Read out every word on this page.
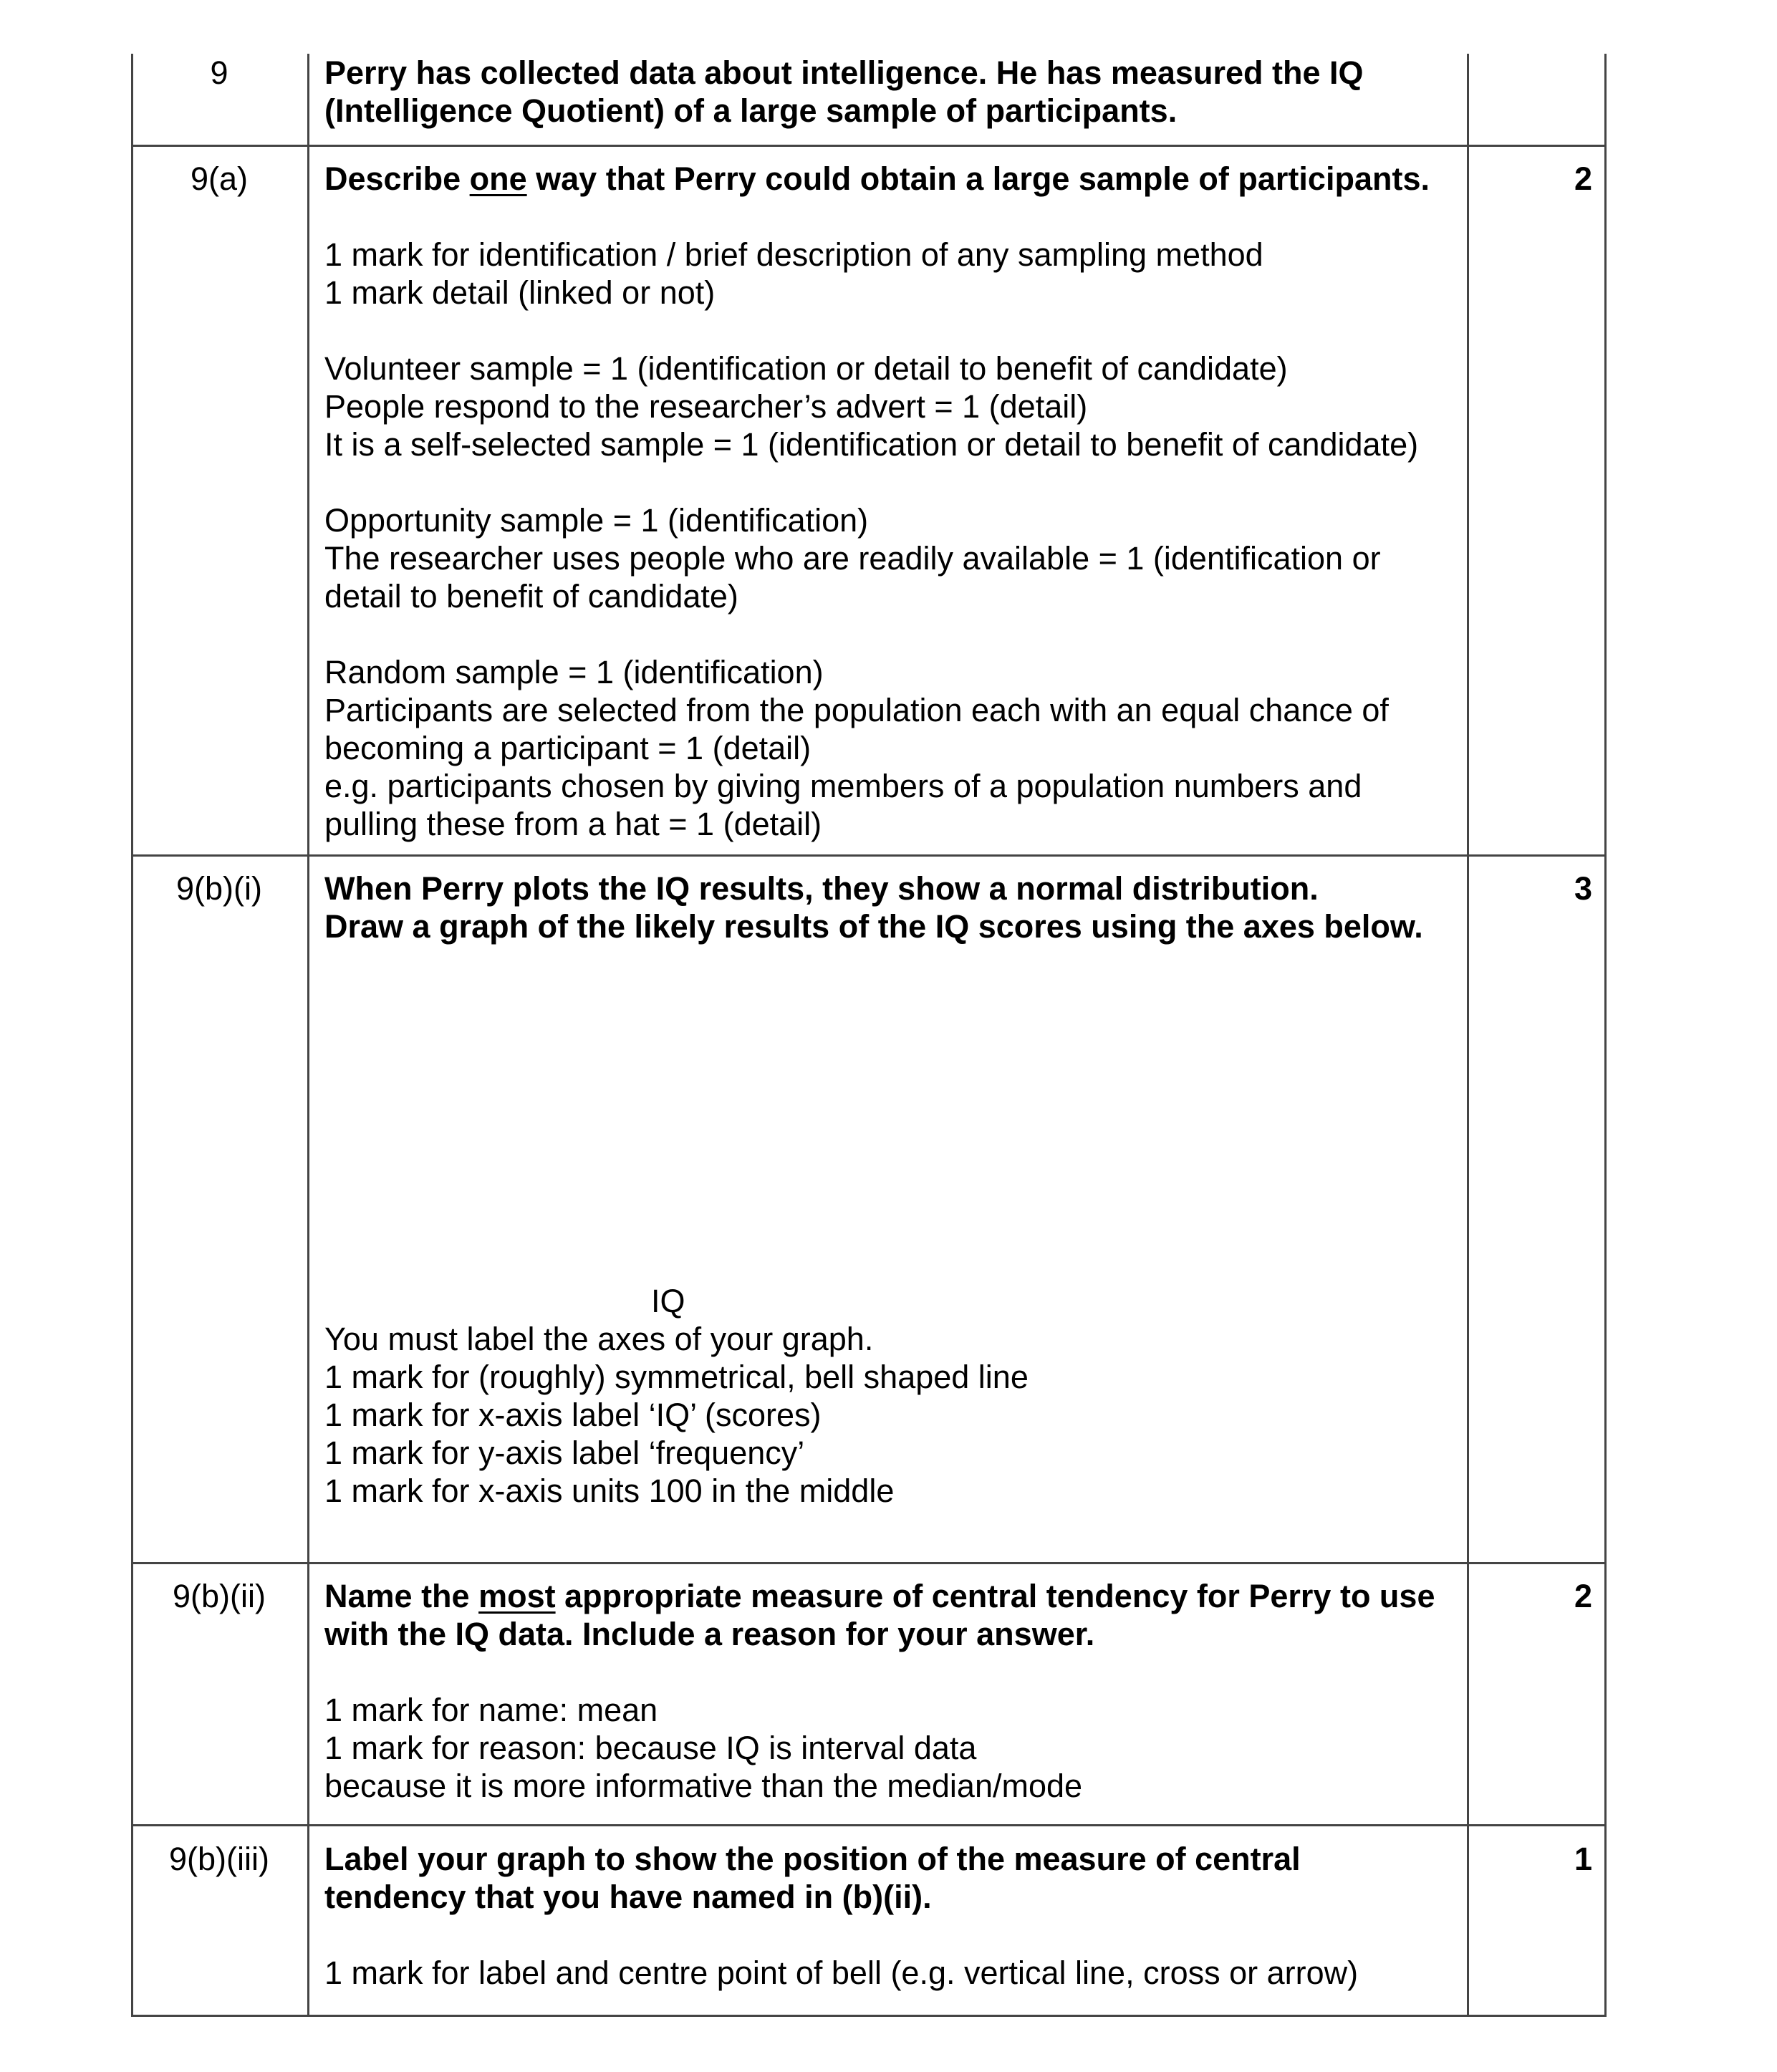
9	Perry has collected data about intelligence. He has measured the IQ

(Intelligence Quotient) of a large sample of participants.

9(a)	Describe one way that Perry could obtain a large sample of participants.

1 mark for identification / brief description of any sampling method

1 mark detail (linked or not)

Volunteer sample = 1 (identification or detail to benefit of candidate)

People respond to the researcher’s advert = 1 (detail)

It is a self-selected sample = 1 (identification or detail to benefit of candidate)

Opportunity sample = 1 (identification)

The researcher uses people who are readily available = 1 (identification or

detail to benefit of candidate)

Random sample = 1 (identification)

Participants are selected from the population each with an equal chance of

becoming a participant = 1 (detail)

e.g. participants chosen by giving members of a population numbers and

pulling these from a hat = 1 (detail)

2
9(b)(i)	When Perry plots the IQ results, they show a normal distribution.

Draw a graph of the likely results of the IQ scores using the axes below.

IQ

You must label the axes of your graph.

1 mark for (roughly) symmetrical, bell shaped line

1 mark for x-axis label ‘IQ’ (scores)

1 mark for y-axis label ‘frequency’

1 mark for x-axis units 100 in the middle

3
9(b)(ii)	Name the most appropriate measure of central tendency for Perry to use

with the IQ data. Include a reason for your answer.

1 mark for name: mean

1 mark for reason: because IQ is interval data

because it is more informative than the median/mode

2
9(b)(iii)	Label your graph to show the position of the measure of central

tendency that you have named in (b)(ii).

1 mark for label and centre point of bell (e.g. vertical line, cross or arrow)

1
